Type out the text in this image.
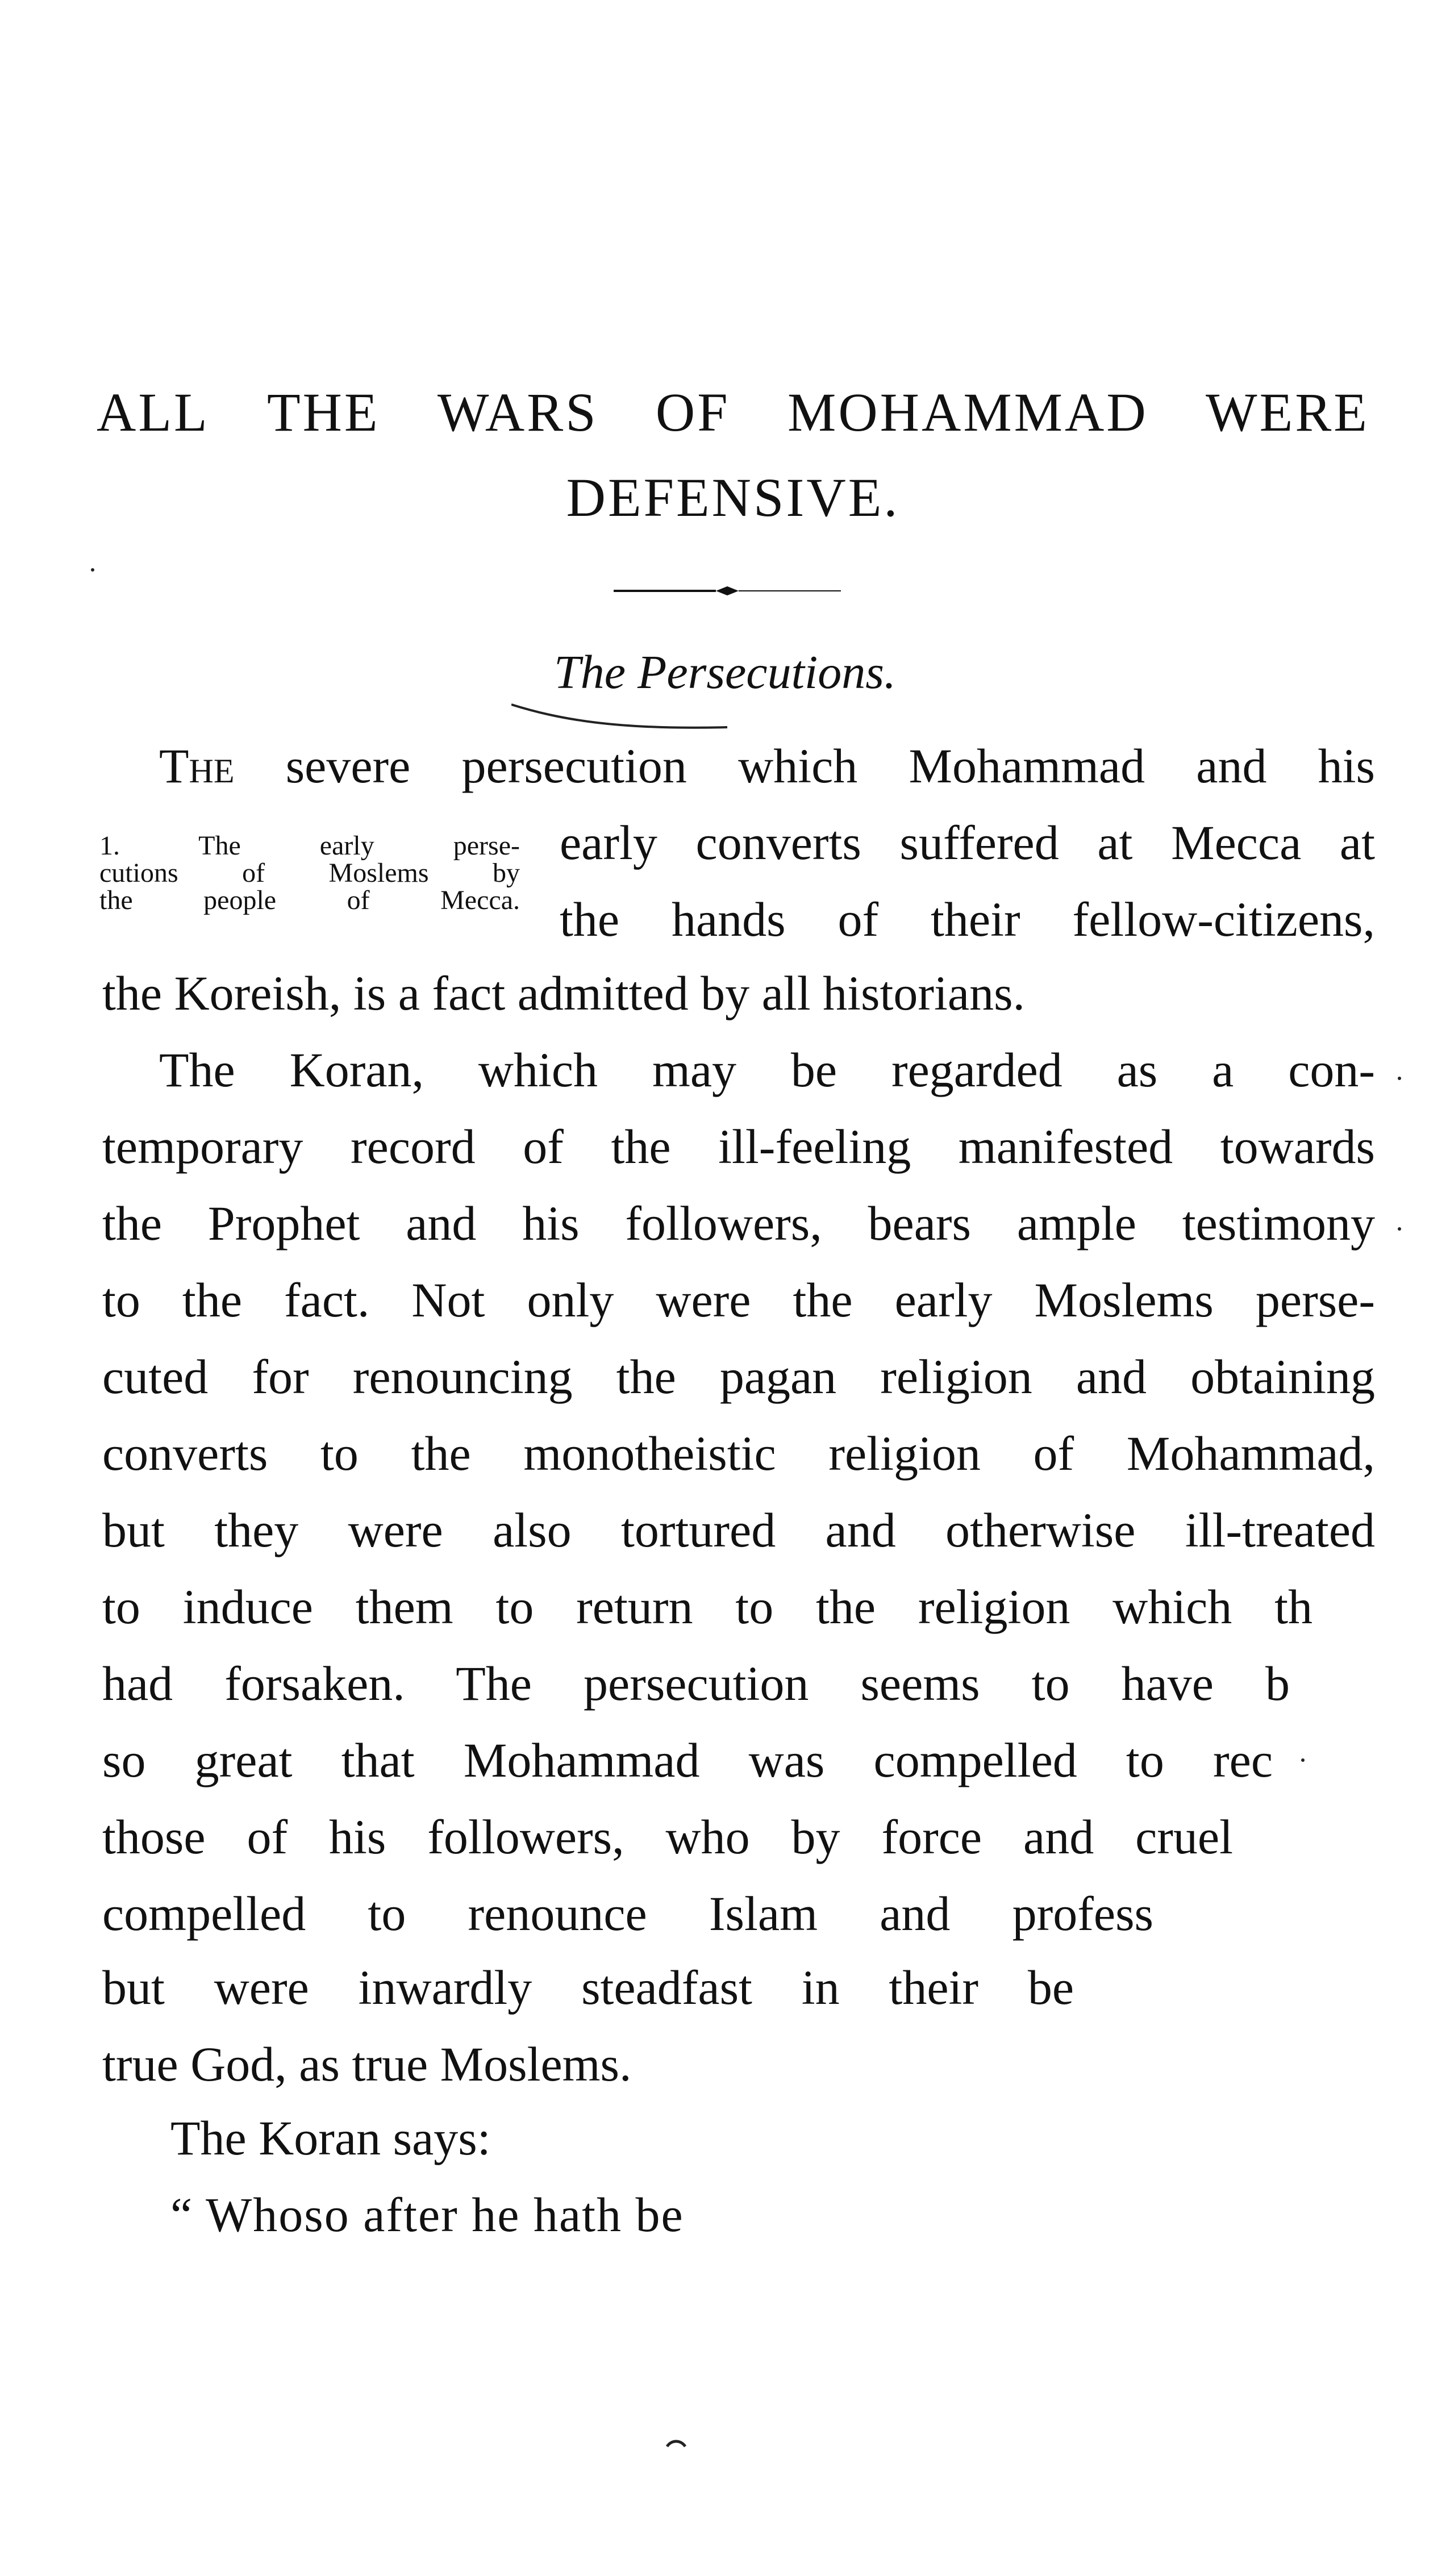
ALL THE WARS OF MOHAMMAD WERE
DEFENSIVE.
The Persecutions.
The severe persecution which Mohammad and his
1. The early perse-
cutions of Moslems by
the people of Mecca.
early converts suffered at Mecca at
the hands of their fellow-citizens,
the Koreish, is a fact admitted by all historians.
The Koran, which may be regarded as a con-
temporary record of the ill-feeling manifested towards
the Prophet and his followers, bears ample testimony
to the fact. Not only were the early Moslems perse-
cuted for renouncing the pagan religion and obtaining
converts to the monotheistic religion of Mohammad,
but they were also tortured and otherwise ill-treated
to induce them to return to the religion which th
had forsaken. The persecution seems to have b
so great that Mohammad was compelled to rec
those of his followers, who by force and cruel
compelled to renounce Islam and profess
but were inwardly steadfast in their be
true God, as true Moslems.
The Koran says:
“ Whoso after he hath be
